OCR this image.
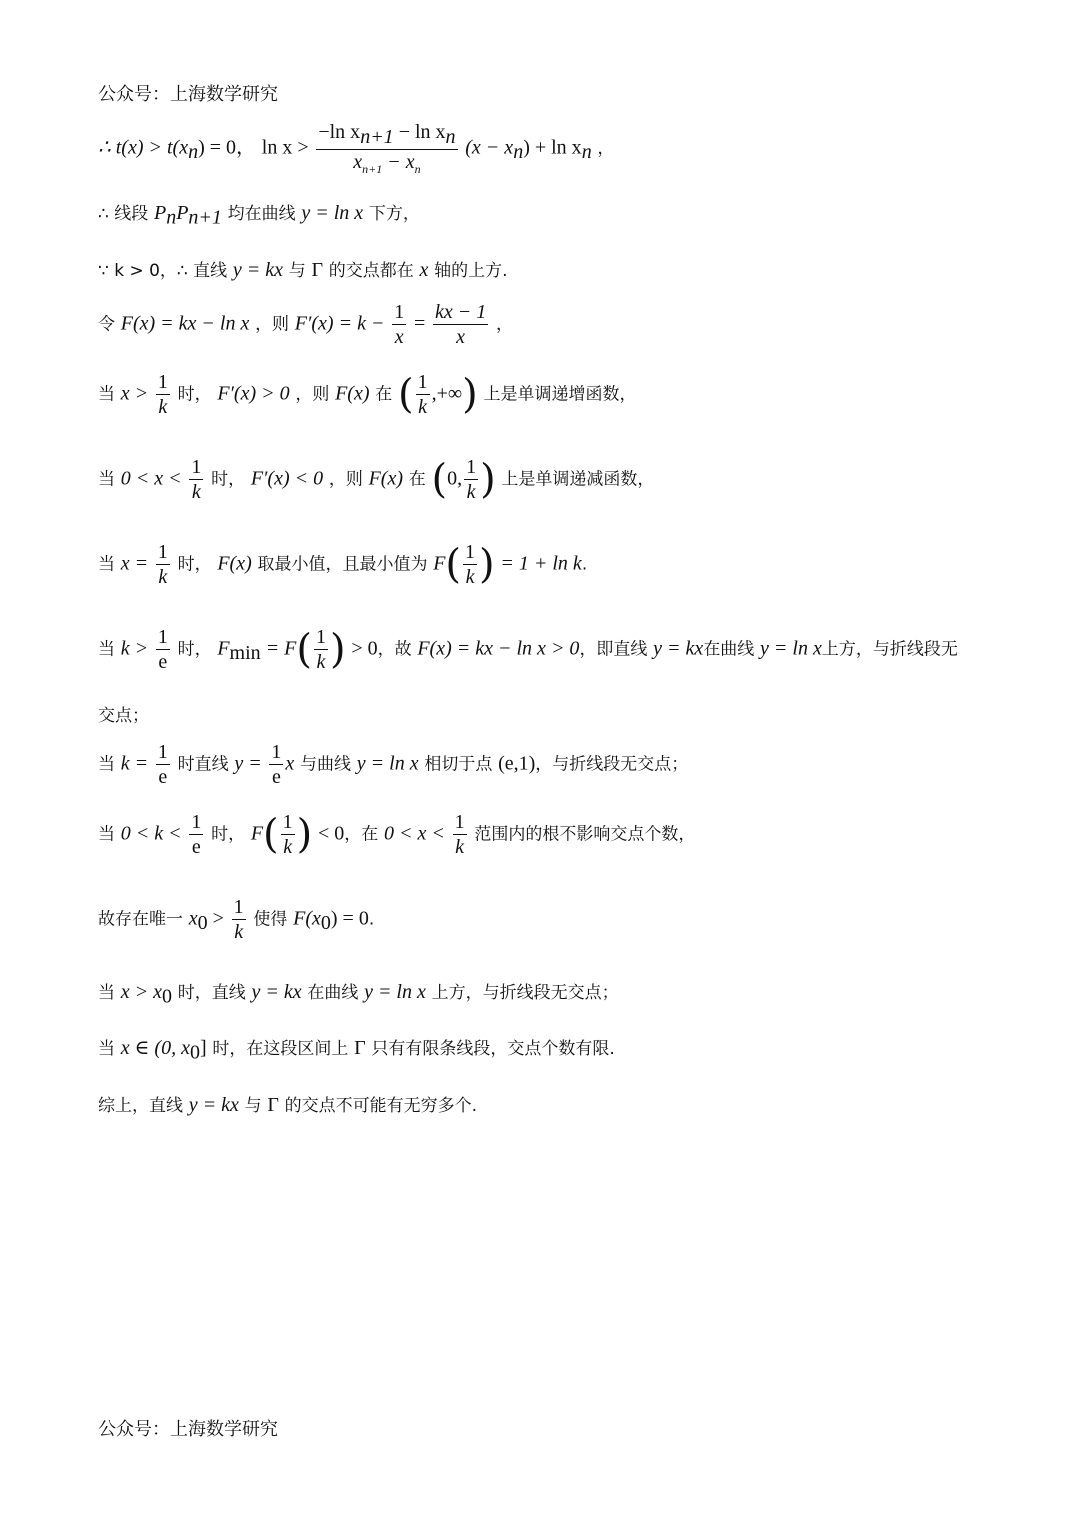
公众号：上海数学研究
∴ $t(x) > t(x_n) = 0$， $\ln x > \frac{-\ln x_{n+1} - \ln x_n}{x_{n+1} - x_n} (x - x_n) + \ln x_n$ ，
∴ 线段 $P_nP_{n+1}$ 均在曲线 y = ln x 下方，
∵ k > 0，∴ 直线 y = kx 与 Γ 的交点都在 x 轴的上方.
令 F(x) = kx − ln x ，则 $F'(x) = k - \frac{1}{x} = \frac{kx - 1}{x}$ ，
当 $x > \frac{1}{k}$ 时， F′(x) > 0 ，则 F(x) 在 ( $\frac{1}{k}$ ,+∞) 上是单调递增函数，
当 $0 < x < \frac{1}{k}$ 时， F′(x) < 0 ，则 F(x) 在 (0, $\frac{1}{k}$ ) 上是单调递减函数，
当 $x = \frac{1}{k}$ 时， F(x) 取最小值，且最小值为 $F( \frac{1}{k}$ ) = 1 + ln k.
当 $k > \frac{1}{e}$ 时， $F_{min} = F( \frac{1}{k}$ ) > 0，故 F(x) = kx − ln x > 0，即直线 y = kx在曲线 y = ln x上方，与折线段无
交点；
当 $k = \frac{1}{e}$ 时直线 $y = \frac{1}{e}$ x 与曲线 y = ln x 相切于点 (e,1)，与折线段无交点；
当 $0 < k < \frac{1}{e}$ 时， $F( \frac{1}{k}$ ) < 0，在 $0 < x < \frac{1}{k}$ 范围内的根不影响交点个数，
故存在唯一 $x_0 > \frac{1}{k}$ 使得 $F(x_0) = 0$.
当 $x > x_0$ 时，直线 y = kx 在曲线 y = ln x 上方，与折线段无交点；
当 x ∈ (0, $x_0$] 时，在这段区间上 Γ 只有有限条线段，交点个数有限.
综上，直线 y = kx 与 Γ 的交点不可能有无穷多个.
公众号：上海数学研究
